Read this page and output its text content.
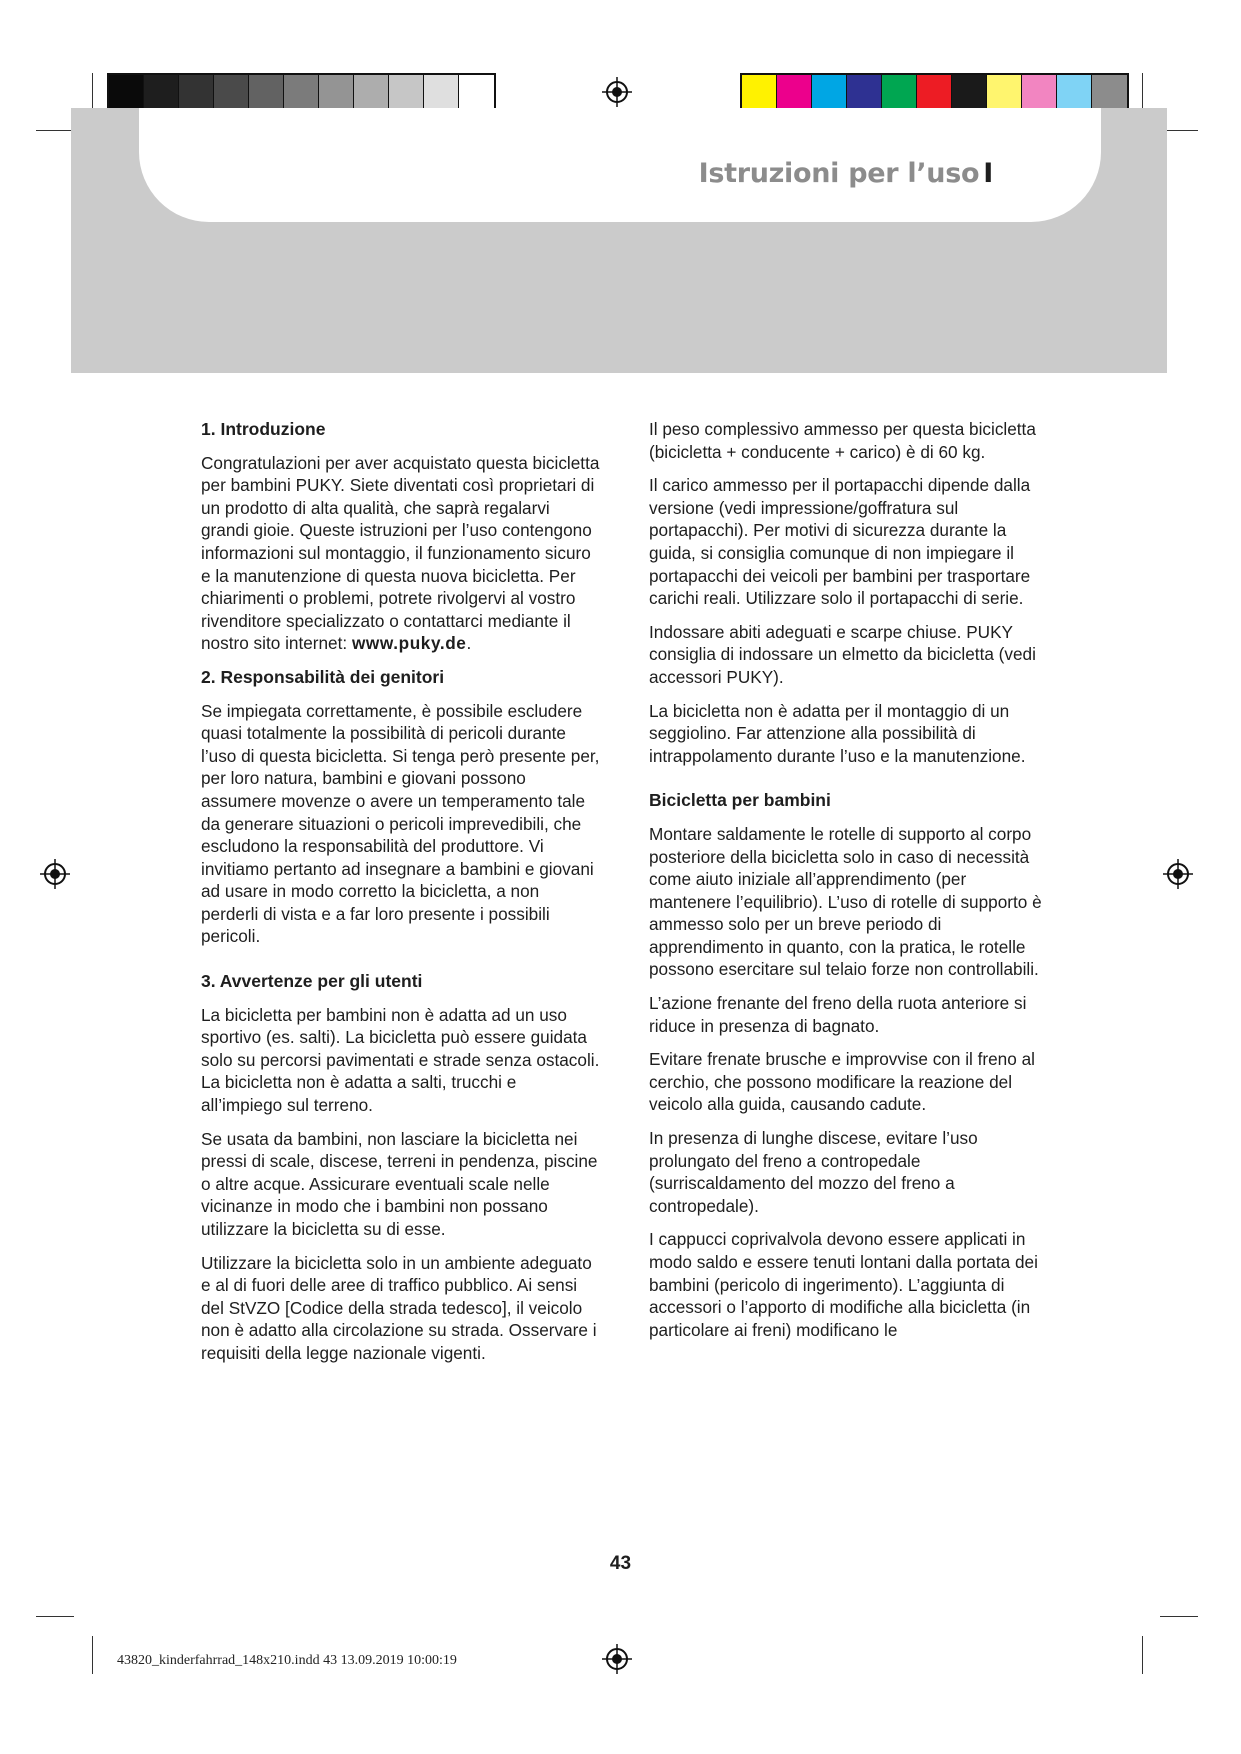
Istruzioni per l’uso I
1. Introduzione

Congratulazioni per aver acquistato questa bicicletta per bambini PUKY. Siete diventati così proprietari di un prodotto di alta qualità, che saprà regalarvi grandi gioie. Queste istruzioni per l’uso contengono informazioni sul montaggio, il funzionamento sicuro e la manutenzione di questa nuova bicicletta. Per chiarimenti o problemi, potrete rivolgervi al vostro rivenditore specializzato o contattarci mediante il nostro sito internet: www.puky.de.

2. Responsabilità dei genitori

Se impiegata correttamente, è possibile escludere quasi totalmente la possibilità di pericoli durante l’uso di questa bicicletta. Si tenga però presente per, per loro natura, bambini e giovani possono assumere movenze o avere un temperamento tale da generare situazioni o pericoli imprevedibili, che escludono la responsabilità del produttore. Vi invitiamo pertanto ad insegnare a bambini e giovani ad usare in modo corretto la bicicletta, a non perderli di vista e a far loro presente i possibili pericoli.

3. Avvertenze per gli utenti

La bicicletta per bambini non è adatta ad un uso sportivo (es. salti). La bicicletta può essere guidata solo su percorsi pavimentati e strade senza ostacoli. La bicicletta non è adatta a salti, trucchi e all’impiego sul terreno.

Se usata da bambini, non lasciare la bicicletta nei pressi di scale, discese, terreni in pendenza, piscine o altre acque. Assicurare eventuali scale nelle vicinanze in modo che i bambini non possano utilizzare la bicicletta su di esse.

Utilizzare la bicicletta solo in un ambiente adeguato e al di fuori delle aree di traffico pubblico. Ai sensi del StVZO [Codice della strada tedesco], il veicolo non è adatto alla circolazione su strada. Osservare i requisiti della legge nazionale vigenti.

Il peso complessivo ammesso per questa bicicletta (bicicletta + conducente + carico) è di 60 kg.

Il carico ammesso per il portapacchi dipende dalla versione (vedi impressione/goffratura sul portapacchi). Per motivi di sicurezza durante la guida, si consiglia comunque di non impiegare il portapacchi dei veicoli per bambini per trasportare carichi reali. Utilizzare solo il portapacchi di serie.

Indossare abiti adeguati e scarpe chiuse. PUKY consiglia di indossare un elmetto da bicicletta (vedi accessori PUKY).

La bicicletta non è adatta per il montaggio di un seggiolino. Far attenzione alla possibilità di intrappolamento durante l’uso e la manutenzione.

Bicicletta per bambini

Montare saldamente le rotelle di supporto al corpo posteriore della bicicletta solo in caso di necessità come aiuto iniziale all’apprendimento (per mantenere l’equilibrio). L’uso di rotelle di supporto è ammesso solo per un breve periodo di apprendimento in quanto, con la pratica, le rotelle possono esercitare sul telaio forze non controllabili.

L’azione frenante del freno della ruota anteriore si riduce in presenza di bagnato.

Evitare frenate brusche e improvvise con il freno al cerchio, che possono modificare la reazione del veicolo alla guida, causando cadute.

In presenza di lunghe discese, evitare l’uso prolungato del freno a contropedale (surriscaldamento del mozzo del freno a contropedale).

I cappucci coprivalvola devono essere applicati in modo saldo e essere tenuti lontani dalla portata dei bambini (pericolo di ingerimento). L’aggiunta di accessori o l’apporto di modifiche alla bicicletta (in particolare ai freni) modificano le

43
43820_kinderfahrrad_148x210.indd 43 13.09.2019 10:00:19
